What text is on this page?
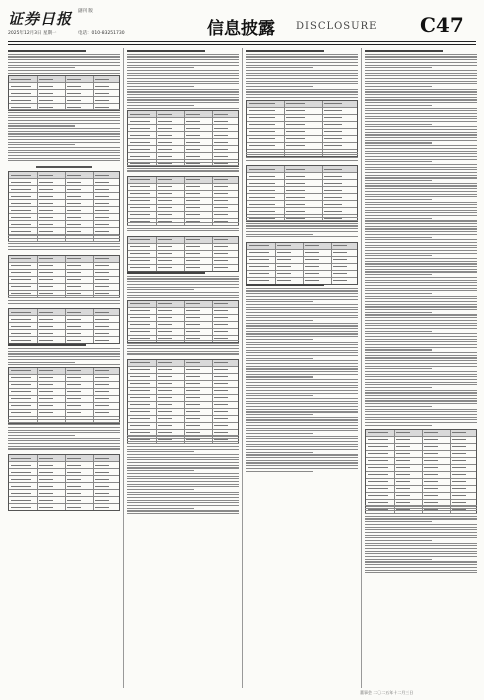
证券日报 副刊 版
2025年12月3日 星期一	电话：010-83251730	信息披露 DISCLOSURE C47
董事会 二〇二五年十二月三日
